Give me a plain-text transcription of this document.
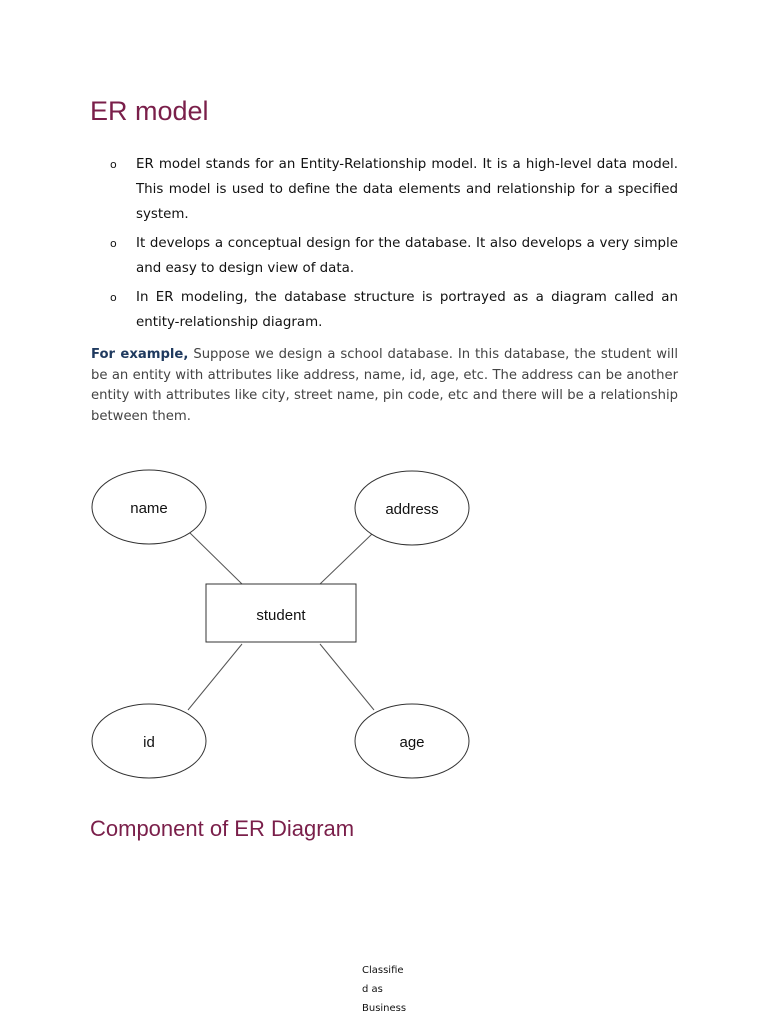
ER model
o ER model stands for an Entity-Relationship model. It is a high-level data model. This model is used to define the data elements and relationship for a specified system.
o It develops a conceptual design for the database. It also develops a very simple and easy to design view of data.
o In ER modeling, the database structure is portrayed as a diagram called an entity-relationship diagram.

For example, Suppose we design a school database. In this database, the student will be an entity with attributes like address, name, id, age, etc. The address can be another entity with attributes like city, street name, pin code, etc and there will be a relationship between them.

name	address
id	age
student
Component of ER Diagram
Classifie
d as
Business
